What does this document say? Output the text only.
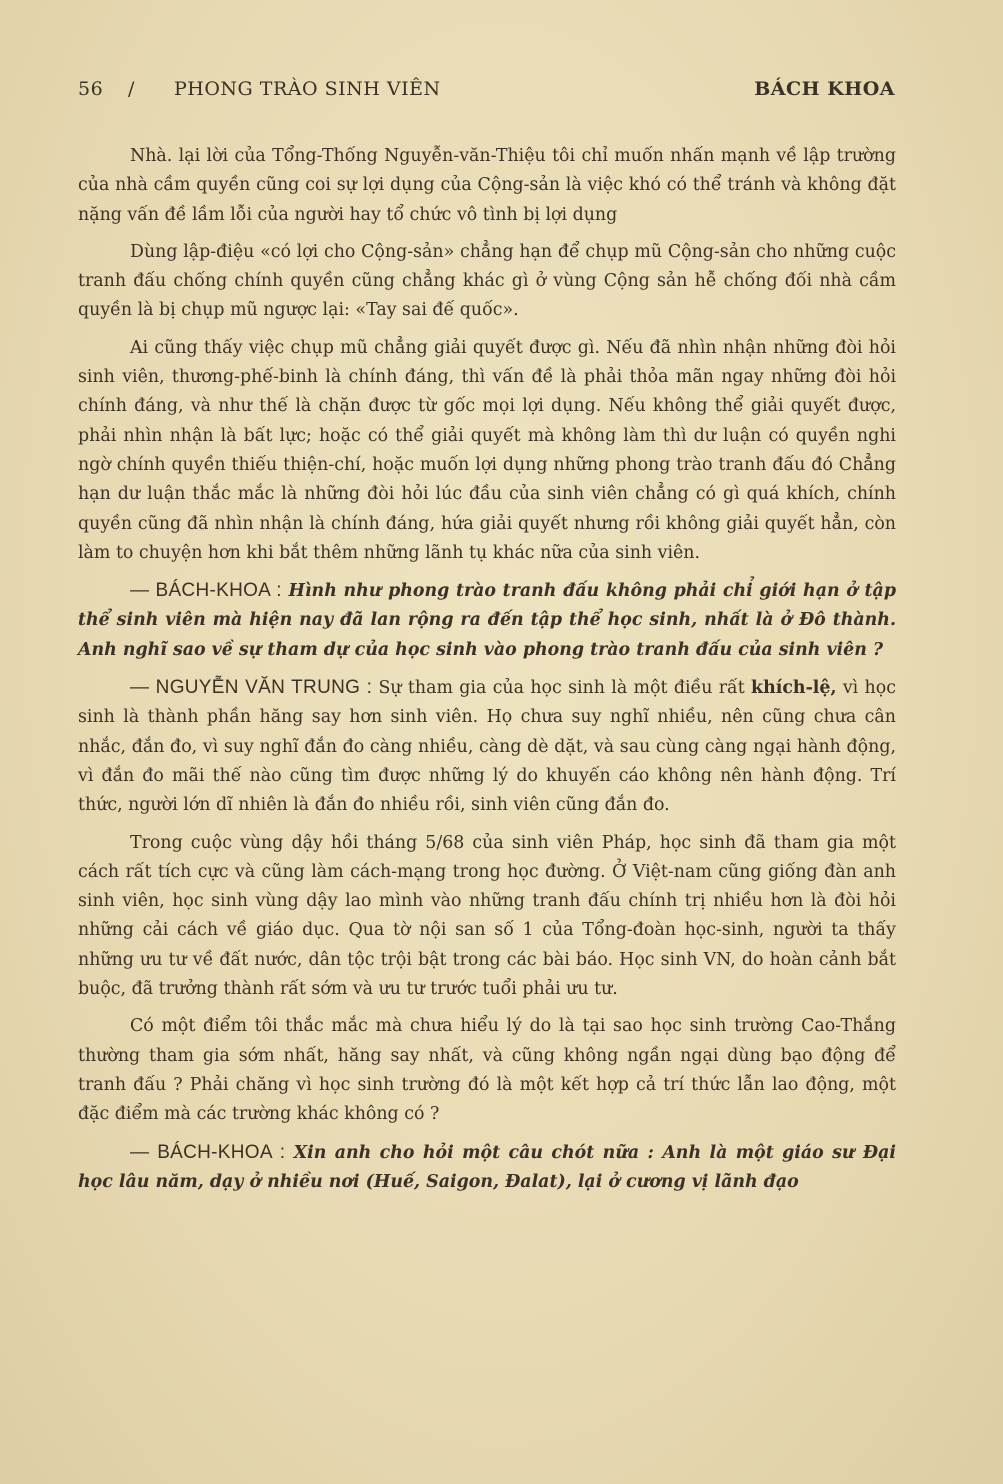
56 / PHONG TRÀO SINH VIÊN	BÁCH KHOA

Nhà. lại lời của Tổng-Thống Nguyễn-văn-Thiệu tôi chỉ muốn nhấn mạnh về lập trường của nhà cầm quyền cũng coi sự lợi dụng của Cộng-sản là việc khó có thể tránh và không đặt nặng vấn đề lầm lỗi của người hay tổ chức vô tình bị lợi dụng

Dùng lập-điệu «có lợi cho Cộng-sản» chẳng hạn để chụp mũ Cộng-sản cho những cuộc tranh đấu chống chính quyền cũng chẳng khác gì ở vùng Cộng sản hễ chống đối nhà cầm quyền là bị chụp mũ ngược lại: «Tay sai đế quốc».

Ai cũng thấy việc chụp mũ chẳng giải quyết được gì. Nếu đã nhìn nhận những đòi hỏi sinh viên, thương-phế-binh là chính đáng, thì vấn đề là phải thỏa mãn ngay những đòi hỏi chính đáng, và như thế là chặn được từ gốc mọi lợi dụng. Nếu không thể giải quyết được, phải nhìn nhận là bất lực; hoặc có thể giải quyết mà không làm thì dư luận có quyền nghi ngờ chính quyền thiếu thiện-chí, hoặc muốn lợi dụng những phong trào tranh đấu đó Chẳng hạn dư luận thắc mắc là những đòi hỏi lúc đầu của sinh viên chẳng có gì quá khích, chính quyền cũng đã nhìn nhận là chính đáng, hứa giải quyết nhưng rồi không giải quyết hẳn, còn làm to chuyện hơn khi bắt thêm những lãnh tụ khác nữa của sinh viên.

— BÁCH-KHOA : Hình như phong trào tranh đấu không phải chỉ giới hạn ở tập thể sinh viên mà hiện nay đã lan rộng ra đến tập thể học sinh, nhất là ở Đô thành. Anh nghĩ sao về sự tham dự của học sinh vào phong trào tranh đấu của sinh viên ?

— NGUYỄN VĂN TRUNG : Sự tham gia của học sinh là một điều rất khích-lệ, vì học sinh là thành phần hăng say hơn sinh viên. Họ chưa suy nghĩ nhiều, nên cũng chưa cân nhắc, đắn đo, vì suy nghĩ đắn đo càng nhiều, càng dè dặt, và sau cùng càng ngại hành động, vì đắn đo mãi thế nào cũng tìm được những lý do khuyến cáo không nên hành động. Trí thức, người lớn dĩ nhiên là đắn đo nhiều rồi, sinh viên cũng đắn đo.

Trong cuộc vùng dậy hồi tháng 5/68 của sinh viên Pháp, học sinh đã tham gia một cách rất tích cực và cũng làm cách-mạng trong học đường. Ở Việt-nam cũng giống đàn anh sinh viên, học sinh vùng dậy lao mình vào những tranh đấu chính trị nhiều hơn là đòi hỏi những cải cách về giáo dục. Qua tờ nội san số 1 của Tổng-đoàn học-sinh, người ta thấy những ưu tư về đất nước, dân tộc trội bật trong các bài báo. Học sinh VN, do hoàn cảnh bắt buộc, đã trưởng thành rất sớm và ưu tư trước tuổi phải ưu tư.

Có một điểm tôi thắc mắc mà chưa hiểu lý do là tại sao học sinh trường Cao-Thắng thường tham gia sớm nhất, hăng say nhất, và cũng không ngần ngại dùng bạo động để tranh đấu ? Phải chăng vì học sinh trường đó là một kết hợp cả trí thức lẫn lao động, một đặc điểm mà các trường khác không có ?

— BÁCH-KHOA : Xin anh cho hỏi một câu chót nữa : Anh là một giáo sư Đại học lâu năm, dạy ở nhiều nơi (Huế, Saigon, Đalat), lại ở cương vị lãnh đạo
